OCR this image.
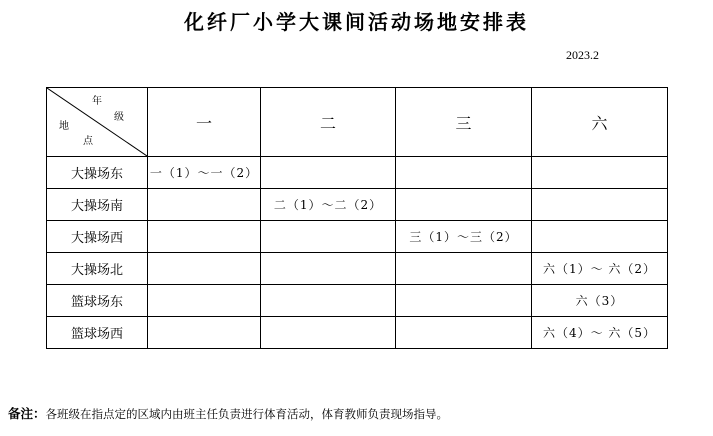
化纤厂小学大课间活动场地安排表
2023.2
年
级
地
点	一	二	三	六
大操场东	一（1）～一（2）			
大操场南		二（1）～二（2）		
大操场西			三（1）～三（2）	
大操场北				六（1）～ 六（2）
篮球场东				六（3）
篮球场西				六（4）～ 六（5）
备注：各班级在指点定的区域内由班主任负责进行体育活动，体育教师负责现场指导。
